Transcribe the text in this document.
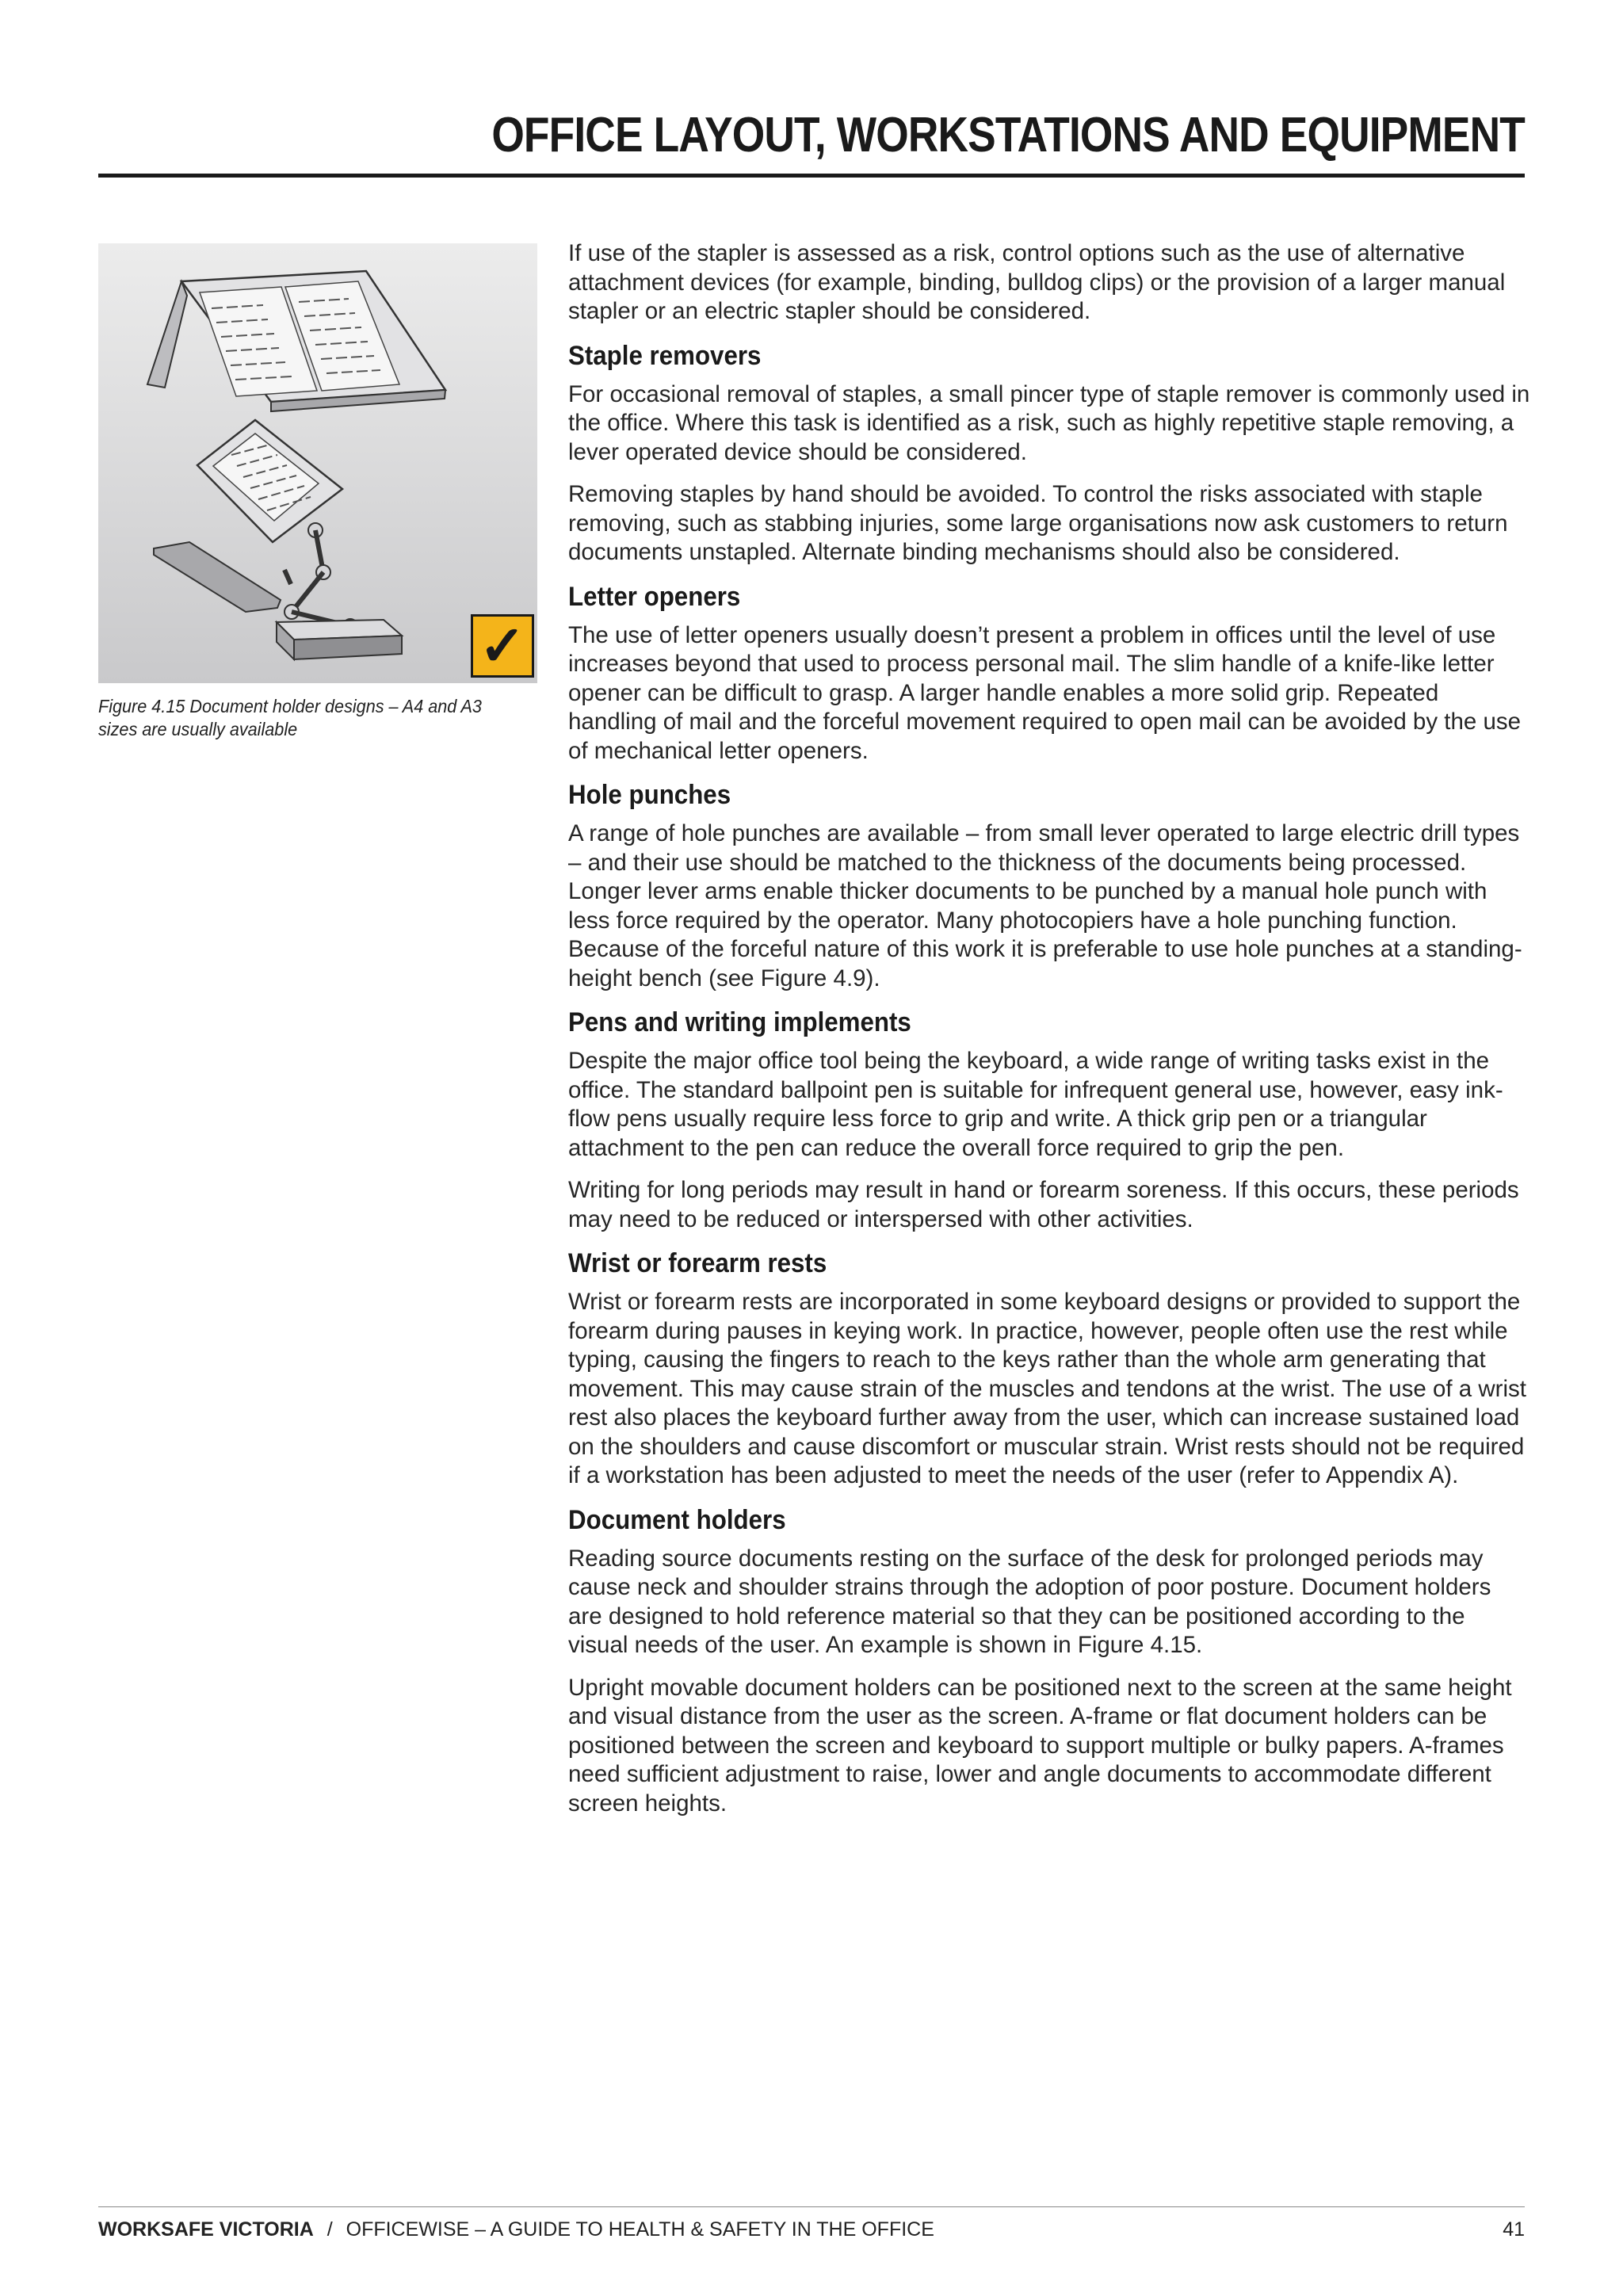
OFFICE LAYOUT, WORKSTATIONS AND EQUIPMENT
✓
Figure 4.15 Document holder designs – A4 and A3 sizes are usually available

If use of the stapler is assessed as a risk, control options such as the use of alternative attachment devices (for example, binding, bulldog clips) or the provision of a larger manual stapler or an electric stapler should be considered.

Staple removers

For occasional removal of staples, a small pincer type of staple remover is commonly used in the office. Where this task is identified as a risk, such as highly repetitive staple removing, a lever operated device should be considered.

Removing staples by hand should be avoided. To control the risks associated with staple removing, such as stabbing injuries, some large organisations now ask customers to return documents unstapled. Alternate binding mechanisms should also be considered.

Letter openers

The use of letter openers usually doesn’t present a problem in offices until the level of use increases beyond that used to process personal mail. The slim handle of a knife-like letter opener can be difficult to grasp. A larger handle enables a more solid grip. Repeated handling of mail and the forceful movement required to open mail can be avoided by the use of mechanical letter openers.

Hole punches

A range of hole punches are available – from small lever operated to large electric drill types – and their use should be matched to the thickness of the documents being processed. Longer lever arms enable thicker documents to be punched by a manual hole punch with less force required by the operator. Many photocopiers have a hole punching function. Because of the forceful nature of this work it is preferable to use hole punches at a standing-height bench (see Figure 4.9).

Pens and writing implements

Despite the major office tool being the keyboard, a wide range of writing tasks exist in the office. The standard ballpoint pen is suitable for infrequent general use, however, easy ink-flow pens usually require less force to grip and write. A thick grip pen or a triangular attachment to the pen can reduce the overall force required to grip the pen.

Writing for long periods may result in hand or forearm soreness. If this occurs, these periods may need to be reduced or interspersed with other activities.

Wrist or forearm rests

Wrist or forearm rests are incorporated in some keyboard designs or provided to support the forearm during pauses in keying work. In practice, however, people often use the rest while typing, causing the fingers to reach to the keys rather than the whole arm generating that movement. This may cause strain of the muscles and tendons at the wrist. The use of a wrist rest also places the keyboard further away from the user, which can increase sustained load on the shoulders and cause discomfort or muscular strain. Wrist rests should not be required if a workstation has been adjusted to meet the needs of the user (refer to Appendix A).

Document holders

Reading source documents resting on the surface of the desk for prolonged periods may cause neck and shoulder strains through the adoption of poor posture. Document holders are designed to hold reference material so that they can be positioned according to the visual needs of the user. An example is shown in Figure 4.15.

Upright movable document holders can be positioned next to the screen at the same height and visual distance from the user as the screen. A-frame or flat document holders can be positioned between the screen and keyboard to support multiple or bulky papers. A-frames need sufficient adjustment to raise, lower and angle documents to accommodate different screen heights.

WORKSAFE VICTORIA / OFFICEWISE – A GUIDE TO HEALTH & SAFETY IN THE OFFICE	41
